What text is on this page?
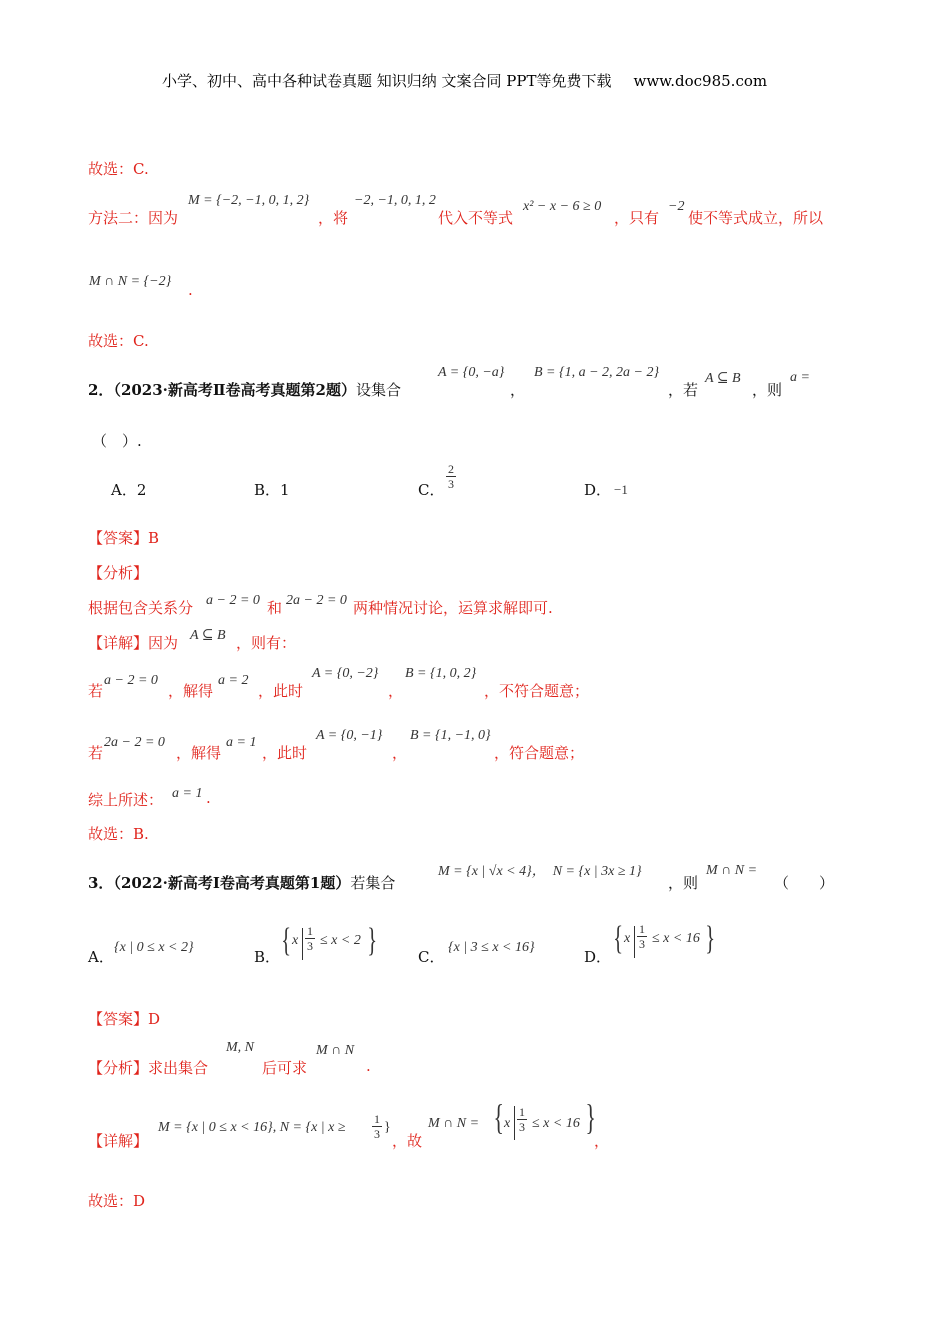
小学、初中、高中各种试卷真题 知识归纳 文案合同 PPT等免费下载 www.doc985.com
故选：C.
方法二：因为
M = {−2, −1, 0, 1, 2}
，将
−2, −1, 0, 1, 2
代入不等式
x² − x − 6 ≥ 0
，只有
−2
使不等式成立，所以
M ∩ N = {−2} .
故选：C.
2．（2023·新高考Ⅱ卷高考真题第2题）设集合
A = {0, −a}
，
B = {1, a − 2, 2a − 2}
，若
A ⊆ B
，则
a =
（　）.
A．2	B．1	C．
2
3	D． −1
【答案】B
【分析】
根据包含关系分 a − 2 = 0 和 2a − 2 = 0 两种情况讨论，运算求解即可.
【详解】因为 A ⊆ B ，则有：
若
a − 2 = 0
，解得
a = 2
，此时
A = {0, −2}
，
B = {1, 0, 2}
，不符合题意；
若
2a − 2 = 0
，解得
a = 1
，此时
A = {0, −1}
，
B = {1, −1, 0}
，符合题意；
综上所述： a = 1 .
故选：B.
3．（2022·新高考Ⅰ卷高考真题第1题）若集合
M = {x | √x < 4}，　N = {x | 3x ≥ 1}
，则
M ∩ N =
（　　）
A．
{x | 0 ≤ x < 2}
B． { x
1
3 ≤ x < 2 }	C．
{x | 3 ≤ x < 16}
D． { x
1
3 ≤ x < 16 }
【答案】D
【分析】求出集合
M, N
后可求
M ∩ N
.
【详解】
M = {x | 0 ≤ x < 16}, N = {x | x ≥
1
3 }
，故
M ∩ N = { x
1
3 ≤ x < 16 }
，
故选：D
